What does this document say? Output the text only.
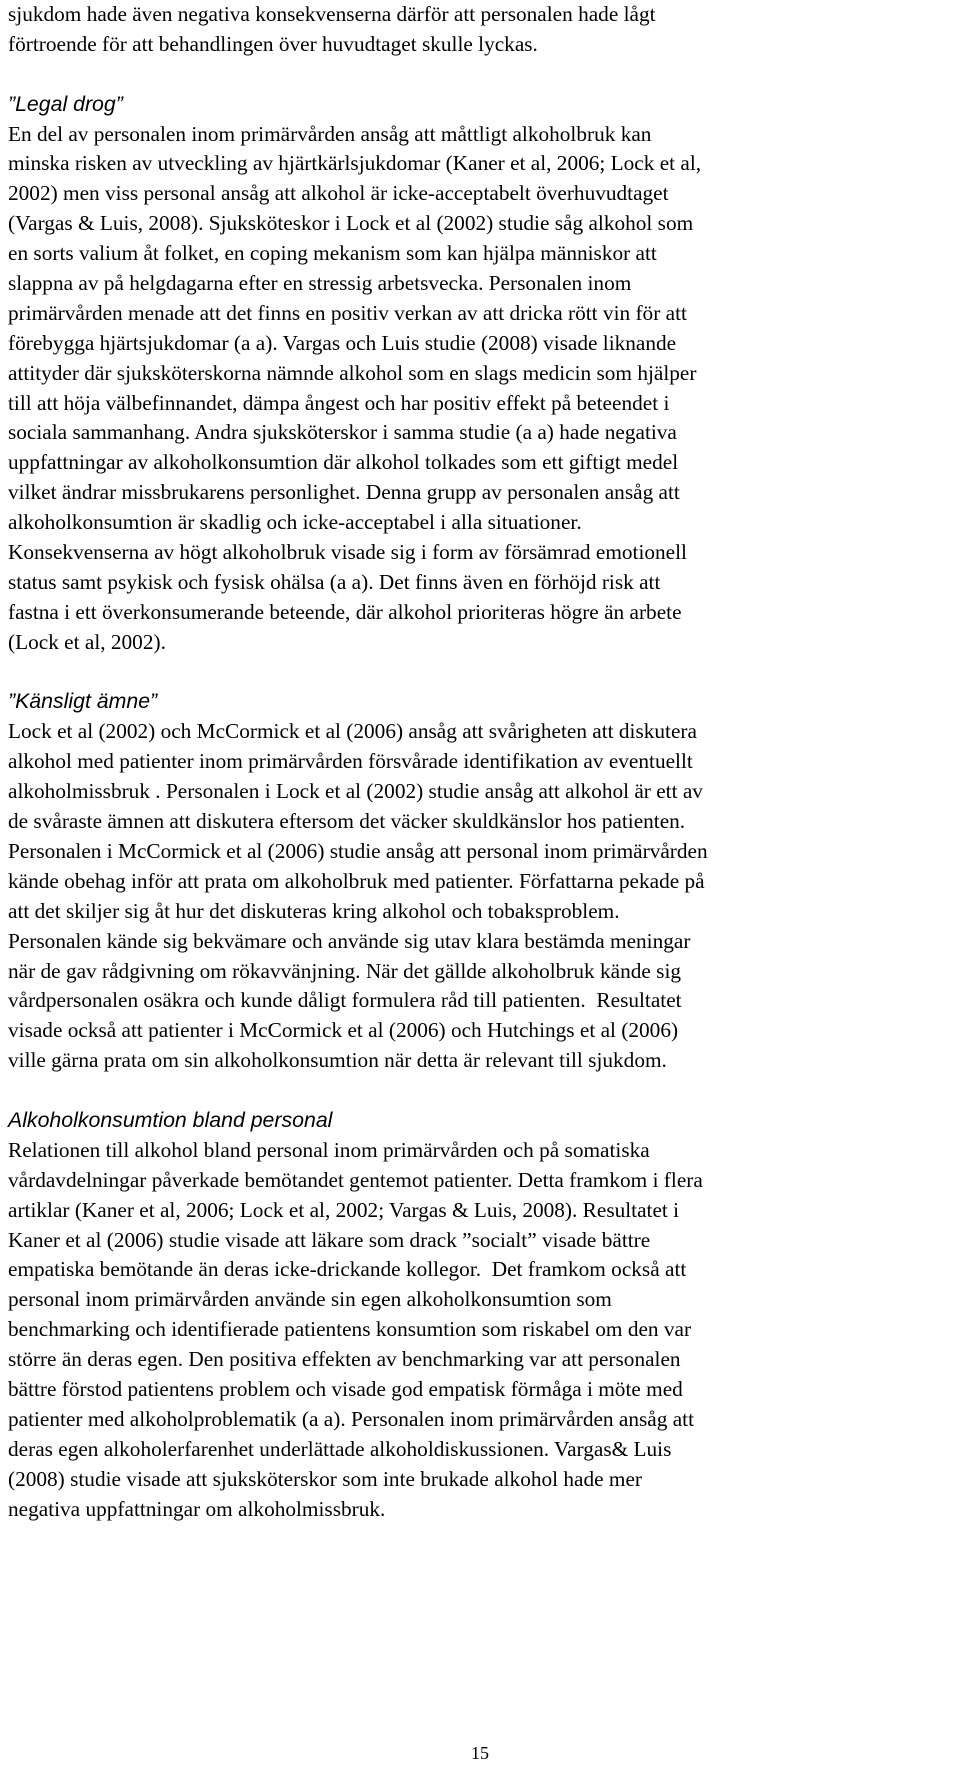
sjukdom hade även negativa konsekvenserna därför att personalen hade lågt
förtroende för att behandlingen över huvudtaget skulle lyckas.
”Legal drog”
En del av personalen inom primärvården ansåg att måttligt alkoholbruk kan
minska risken av utveckling av hjärtkärlsjukdomar (Kaner et al, 2006; Lock et al,
2002) men viss personal ansåg att alkohol är icke-acceptabelt överhuvudtaget
(Vargas & Luis, 2008). Sjuksköteskor i Lock et al (2002) studie såg alkohol som
en sorts valium åt folket, en coping mekanism som kan hjälpa människor att
slappna av på helgdagarna efter en stressig arbetsvecka. Personalen inom
primärvården menade att det finns en positiv verkan av att dricka rött vin för att
förebygga hjärtsjukdomar (a a). Vargas och Luis studie (2008) visade liknande
attityder där sjuksköterskorna nämnde alkohol som en slags medicin som hjälper
till att höja välbefinnandet, dämpa ångest och har positiv effekt på beteendet i
sociala sammanhang. Andra sjuksköterskor i samma studie (a a) hade negativa
uppfattningar av alkoholkonsumtion där alkohol tolkades som ett giftigt medel
vilket ändrar missbrukarens personlighet. Denna grupp av personalen ansåg att
alkoholkonsumtion är skadlig och icke-acceptabel i alla situationer.
Konsekvenserna av högt alkoholbruk visade sig i form av försämrad emotionell
status samt psykisk och fysisk ohälsa (a a). Det finns även en förhöjd risk att
fastna i ett överkonsumerande beteende, där alkohol prioriteras högre än arbete
(Lock et al, 2002).
”Känsligt ämne”
Lock et al (2002) och McCormick et al (2006) ansåg att svårigheten att diskutera
alkohol med patienter inom primärvården försvårade identifikation av eventuellt
alkoholmissbruk . Personalen i Lock et al (2002) studie ansåg att alkohol är ett av
de svåraste ämnen att diskutera eftersom det väcker skuldkänslor hos patienten.
Personalen i McCormick et al (2006) studie ansåg att personal inom primärvården
kände obehag inför att prata om alkoholbruk med patienter. Författarna pekade på
att det skiljer sig åt hur det diskuteras kring alkohol och tobaksproblem.
Personalen kände sig bekvämare och använde sig utav klara bestämda meningar
när de gav rådgivning om rökavvänjning. När det gällde alkoholbruk kände sig
vårdpersonalen osäkra och kunde dåligt formulera råd till patienten.  Resultatet
visade också att patienter i McCormick et al (2006) och Hutchings et al (2006)
ville gärna prata om sin alkoholkonsumtion när detta är relevant till sjukdom.
Alkoholkonsumtion bland personal
Relationen till alkohol bland personal inom primärvården och på somatiska
vårdavdelningar påverkade bemötandet gentemot patienter. Detta framkom i flera
artiklar (Kaner et al, 2006; Lock et al, 2002; Vargas & Luis, 2008). Resultatet i
Kaner et al (2006) studie visade att läkare som drack ”socialt” visade bättre
empatiska bemötande än deras icke-drickande kollegor.  Det framkom också att
personal inom primärvården använde sin egen alkoholkonsumtion som
benchmarking och identifierade patientens konsumtion som riskabel om den var
större än deras egen. Den positiva effekten av benchmarking var att personalen
bättre förstod patientens problem och visade god empatisk förmåga i möte med
patienter med alkoholproblematik (a a). Personalen inom primärvården ansåg att
deras egen alkoholerfarenhet underlättade alkoholdiskussionen. Vargas& Luis
(2008) studie visade att sjuksköterskor som inte brukade alkohol hade mer
negativa uppfattningar om alkoholmissbruk.
15
